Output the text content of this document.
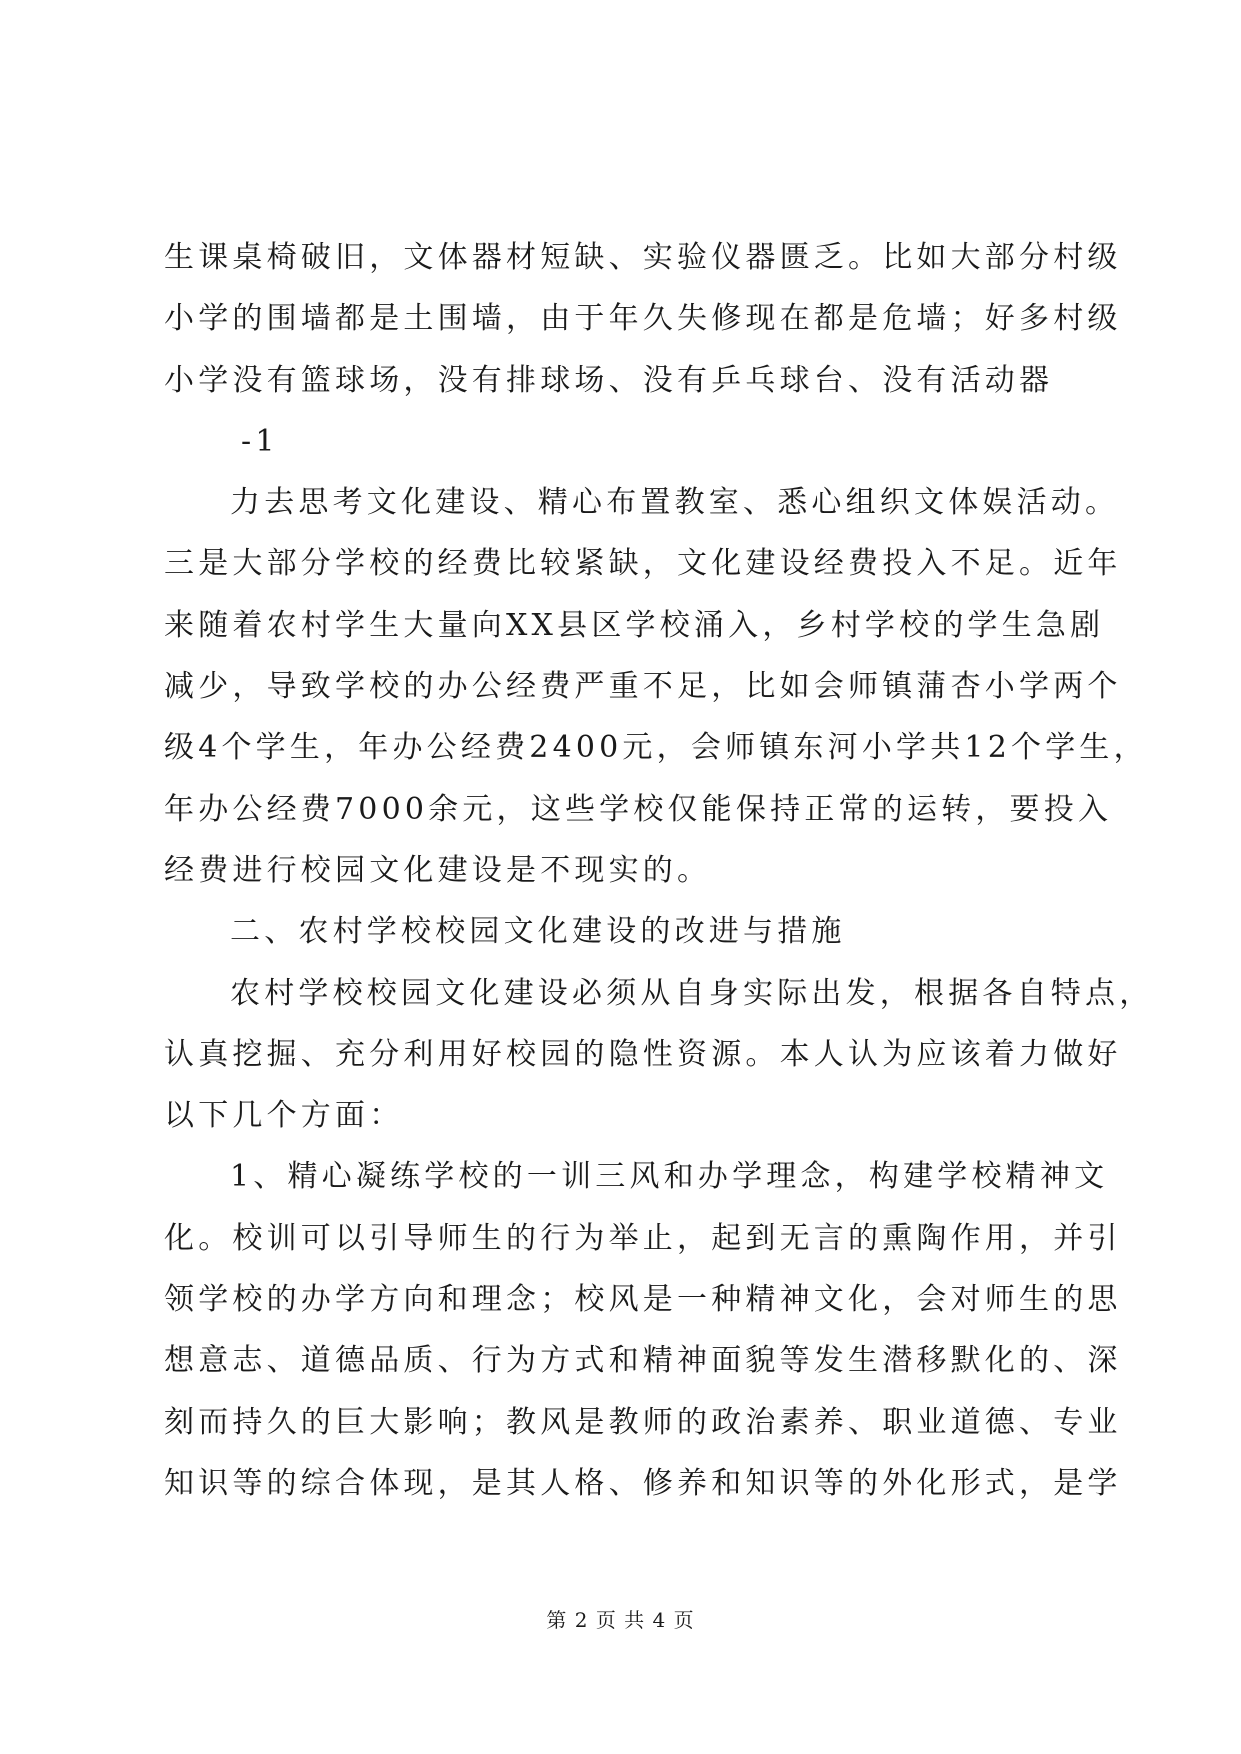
生课桌椅破旧，文体器材短缺、实验仪器匮乏。比如大部分村级
小学的围墙都是土围墙，由于年久失修现在都是危墙；好多村级
小学没有篮球场，没有排球场、没有乒乓球台、没有活动器
-1
力去思考文化建设、精心布置教室、悉心组织文体娱活动。
三是大部分学校的经费比较紧缺，文化建设经费投入不足。近年
来随着农村学生大量向XX县区学校涌入，乡村学校的学生急剧
减少，导致学校的办公经费严重不足，比如会师镇蒲杏小学两个
级4个学生，年办公经费2400元，会师镇东河小学共12个学生，
年办公经费7000余元，这些学校仅能保持正常的运转，要投入
经费进行校园文化建设是不现实的。
二、农村学校校园文化建设的改进与措施
农村学校校园文化建设必须从自身实际出发，根据各自特点，
认真挖掘、充分利用好校园的隐性资源。本人认为应该着力做好
以下几个方面：
1、精心凝练学校的一训三风和办学理念，构建学校精神文
化。校训可以引导师生的行为举止，起到无言的熏陶作用，并引
领学校的办学方向和理念；校风是一种精神文化，会对师生的思
想意志、道德品质、行为方式和精神面貌等发生潜移默化的、深
刻而持久的巨大影响；教风是教师的政治素养、职业道德、专业
知识等的综合体现，是其人格、修养和知识等的外化形式，是学
第 2 页 共 4 页
